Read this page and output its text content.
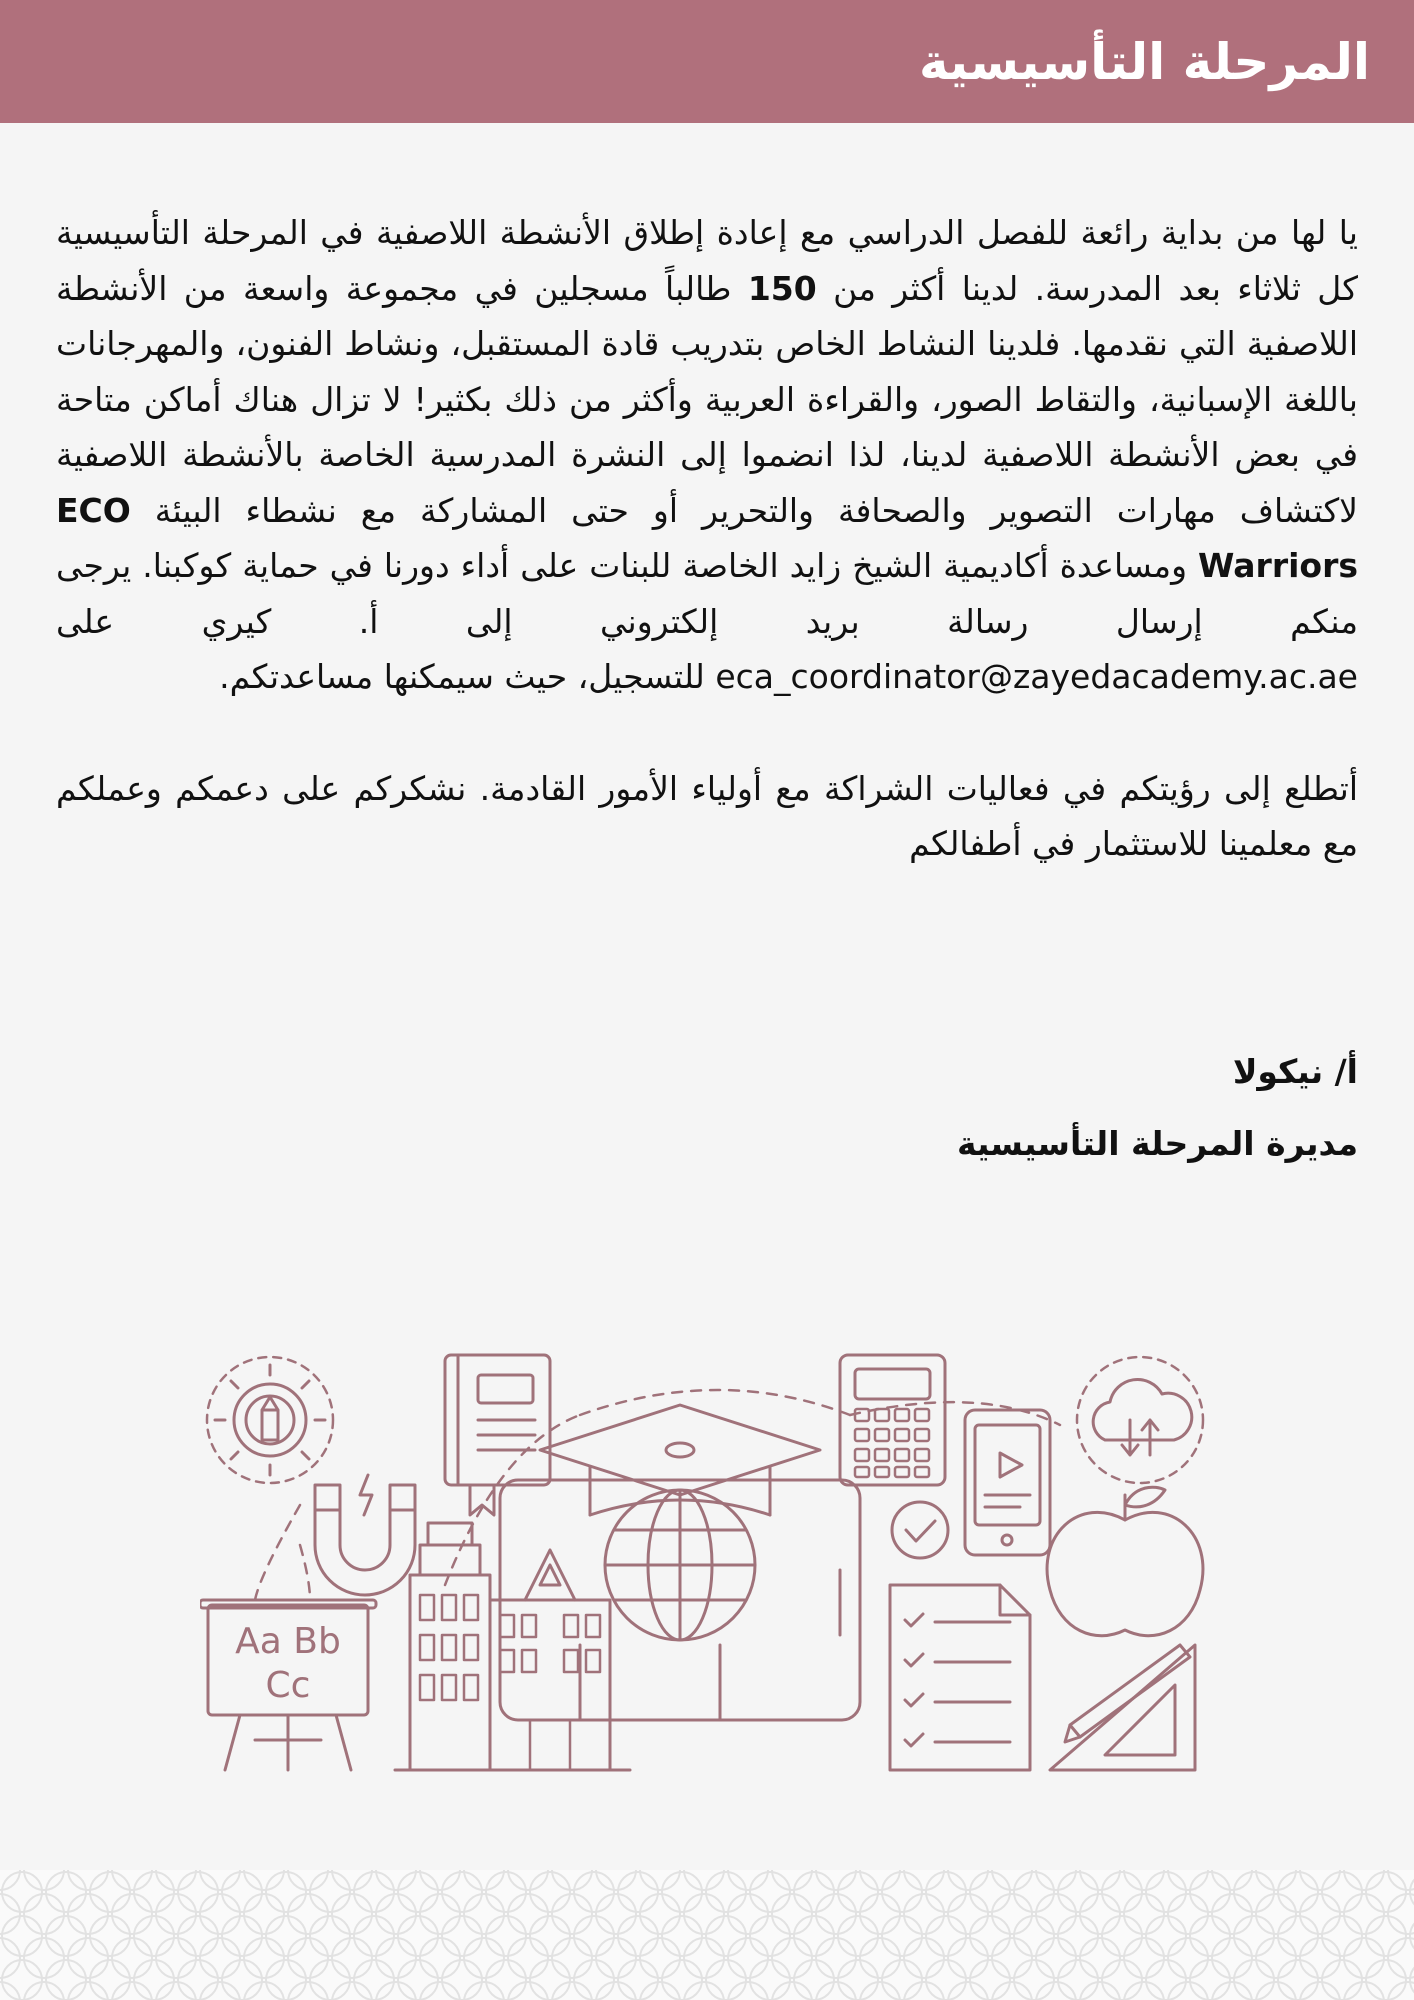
المرحلة التأسيسية

يا لها من بداية رائعة للفصل الدراسي مع إعادة إطلاق الأنشطة اللاصفية في المرحلة التأسيسية كل ثلاثاء بعد المدرسة. لدينا أكثر من 150 طالباً مسجلين في مجموعة واسعة من الأنشطة اللاصفية التي نقدمها. فلدينا النشاط الخاص بتدريب قادة المستقبل، ونشاط الفنون، والمهرجانات باللغة الإسبانية، والتقاط الصور، والقراءة العربية وأكثر من ذلك بكثير! لا تزال هناك أماكن متاحة في بعض الأنشطة اللاصفية لدينا، لذا انضموا إلى النشرة المدرسية الخاصة بالأنشطة اللاصفية لاكتشاف مهارات التصوير والصحافة والتحرير أو حتى المشاركة مع نشطاء البيئة ECO Warriors ومساعدة أكاديمية الشيخ زايد الخاصة للبنات على أداء دورنا في حماية كوكبنا. يرجى منكم إرسال رسالة بريد إلكتروني إلى أ. كيري على eca_coordinator@zayedacademy.ac.ae للتسجيل، حيث سيمكنها مساعدتكم.

أتطلع إلى رؤيتكم في فعاليات الشراكة مع أولياء الأمور القادمة. نشكركم على دعمكم وعملكم مع معلمينا للاستثمار في أطفالكم

أ/ نيكولا
مديرة المرحلة التأسيسية
Aa Bb
Cc
